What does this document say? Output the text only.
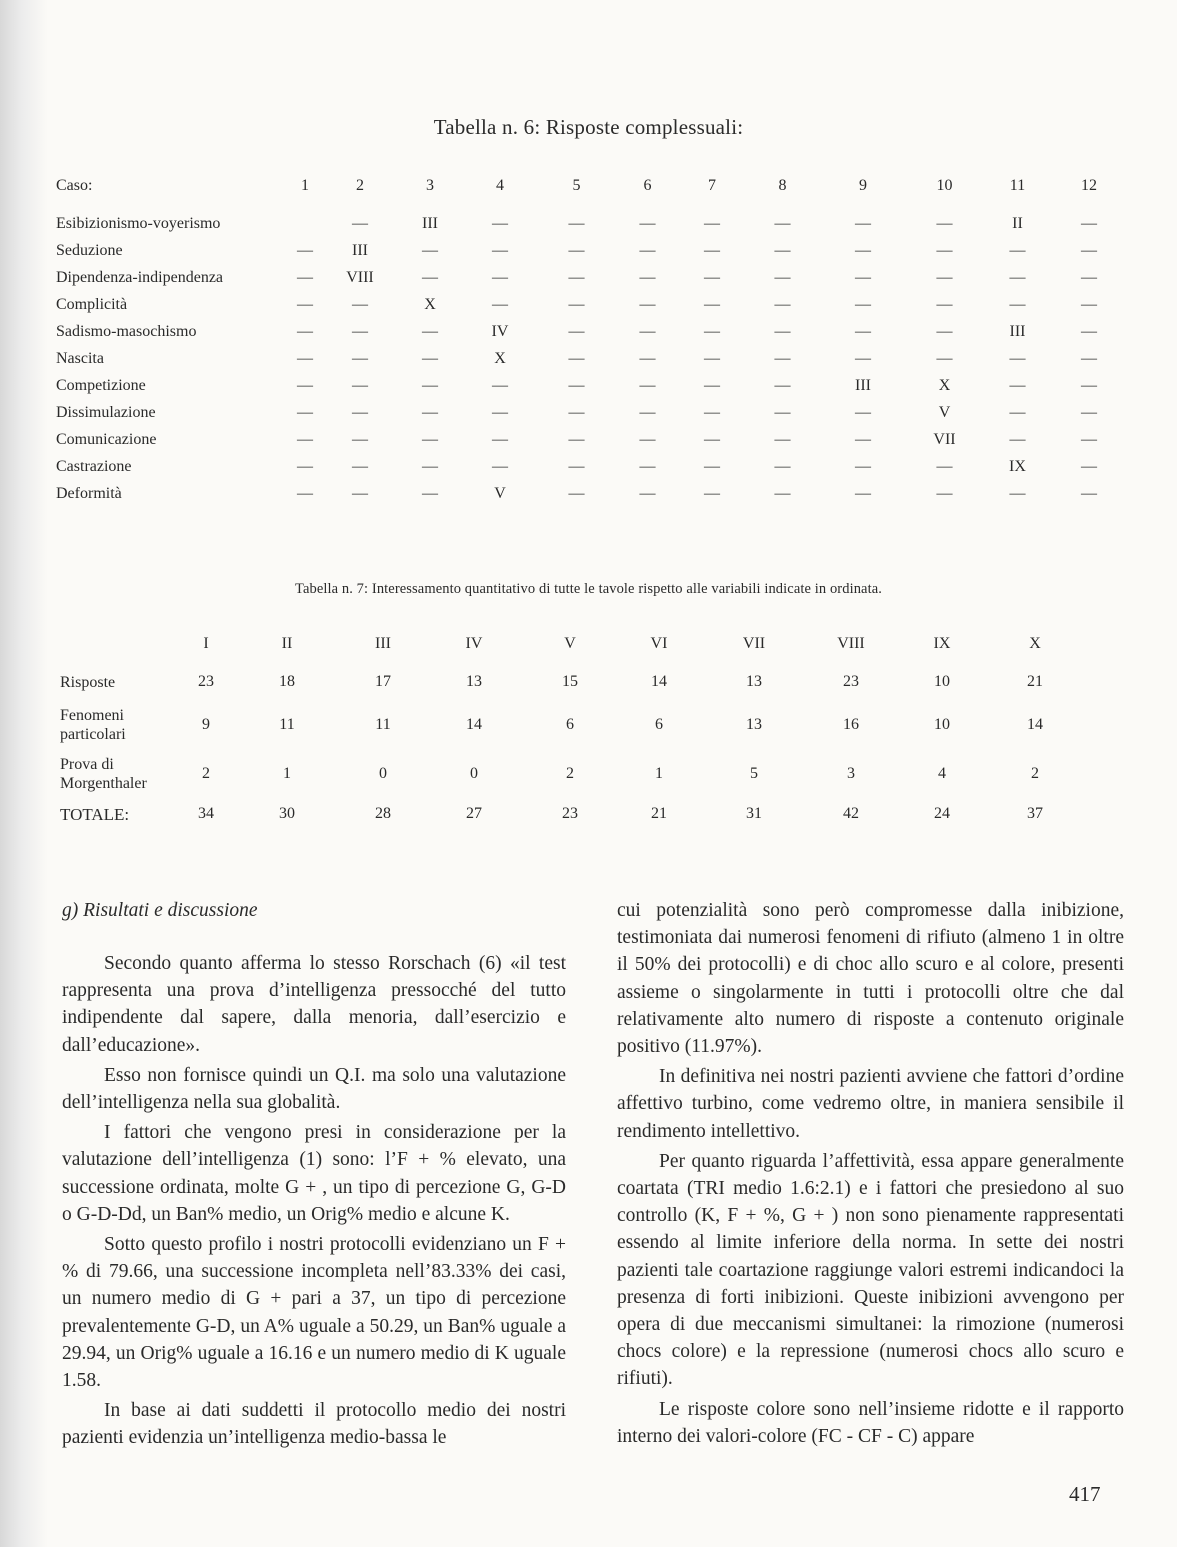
Tabella n. 6: Risposte complessuali:
Caso:	1	2	3	4	5	6	7	8	9	10	11	12

Esibizionismo-voyerismo		—	III	—	—	—	—	—	—	—	II	—
Seduzione	—	III	—	—	—	—	—	—	—	—	—	—
Dipendenza-indipendenza	—	VIII	—	—	—	—	—	—	—	—	—	—
Complicità	—	—	X	—	—	—	—	—	—	—	—	—
Sadismo-masochismo	—	—	—	IV	—	—	—	—	—	—	III	—
Nascita	—	—	—	X	—	—	—	—	—	—	—	—
Competizione	—	—	—	—	—	—	—	—	III	X	—	—
Dissimulazione	—	—	—	—	—	—	—	—	—	V	—	—
Comunicazione	—	—	—	—	—	—	—	—	—	VII	—	—
Castrazione	—	—	—	—	—	—	—	—	—	—	IX	—
Deformità	—	—	—	V	—	—	—	—	—	—	—	—
Tabella n. 7: Interessamento quantitativo di tutte le tavole rispetto alle variabili indicate in ordinata.
	I	II	III	IV	V	VI	VII	VIII	IX	X
Risposte	23	18	17	13	15	14	13	23	10	21
Fenomeni
particolari	9	11	11	14	6	6	13	16	10	14
Prova di
Morgenthaler	2	1	0	0	2	1	5	3	4	2
TOTALE:	34	30	28	27	23	21	31	42	24	37
g) Risultati e discussione

Secondo quanto afferma lo stesso Rorschach (6) «il test rappresenta una prova d’intelligenza pressocché del tutto indipendente dal sapere, dalla menoria, dall’esercizio e dall’educazione».

Esso non fornisce quindi un Q.I. ma solo una valutazione dell’intelligenza nella sua globalità.

I fattori che vengono presi in considerazione per la valutazione dell’intelligenza (1) sono: l’F + % elevato, una successione ordinata, molte G + , un tipo di percezione G, G-D o G-D-Dd, un Ban% medio, un Orig% medio e alcune K.

Sotto questo profilo i nostri protocolli evidenziano un F + % di 79.66, una successione incompleta nell’83.33% dei casi, un numero medio di G + pari a 37, un tipo di percezione prevalentemente G-D, un A% uguale a 50.29, un Ban% uguale a 29.94, un Orig% uguale a 16.16 e un numero medio di K uguale 1.58.

In base ai dati suddetti il protocollo medio dei nostri pazienti evidenzia un’intelligenza medio-bassa le

cui potenzialità sono però compromesse dalla inibizione, testimoniata dai numerosi fenomeni di rifiuto (almeno 1 in oltre il 50% dei protocolli) e di choc allo scuro e al colore, presenti assieme o singolarmente in tutti i protocolli oltre che dal relativamente alto numero di risposte a contenuto originale positivo (11.97%).

In definitiva nei nostri pazienti avviene che fattori d’ordine affettivo turbino, come vedremo oltre, in maniera sensibile il rendimento intellettivo.

Per quanto riguarda l’affettività, essa appare generalmente coartata (TRI medio 1.6:2.1) e i fattori che presiedono al suo controllo (K, F + %, G + ) non sono pienamente rappresentati essendo al limite inferiore della norma. In sette dei nostri pazienti tale coartazione raggiunge valori estremi indicandoci la presenza di forti inibizioni. Queste inibizioni avvengono per opera di due meccanismi simultanei: la rimozione (numerosi chocs colore) e la repressione (numerosi chocs allo scuro e rifiuti).

Le risposte colore sono nell’insieme ridotte e il rapporto interno dei valori-colore (FC - CF - C) appare

417
